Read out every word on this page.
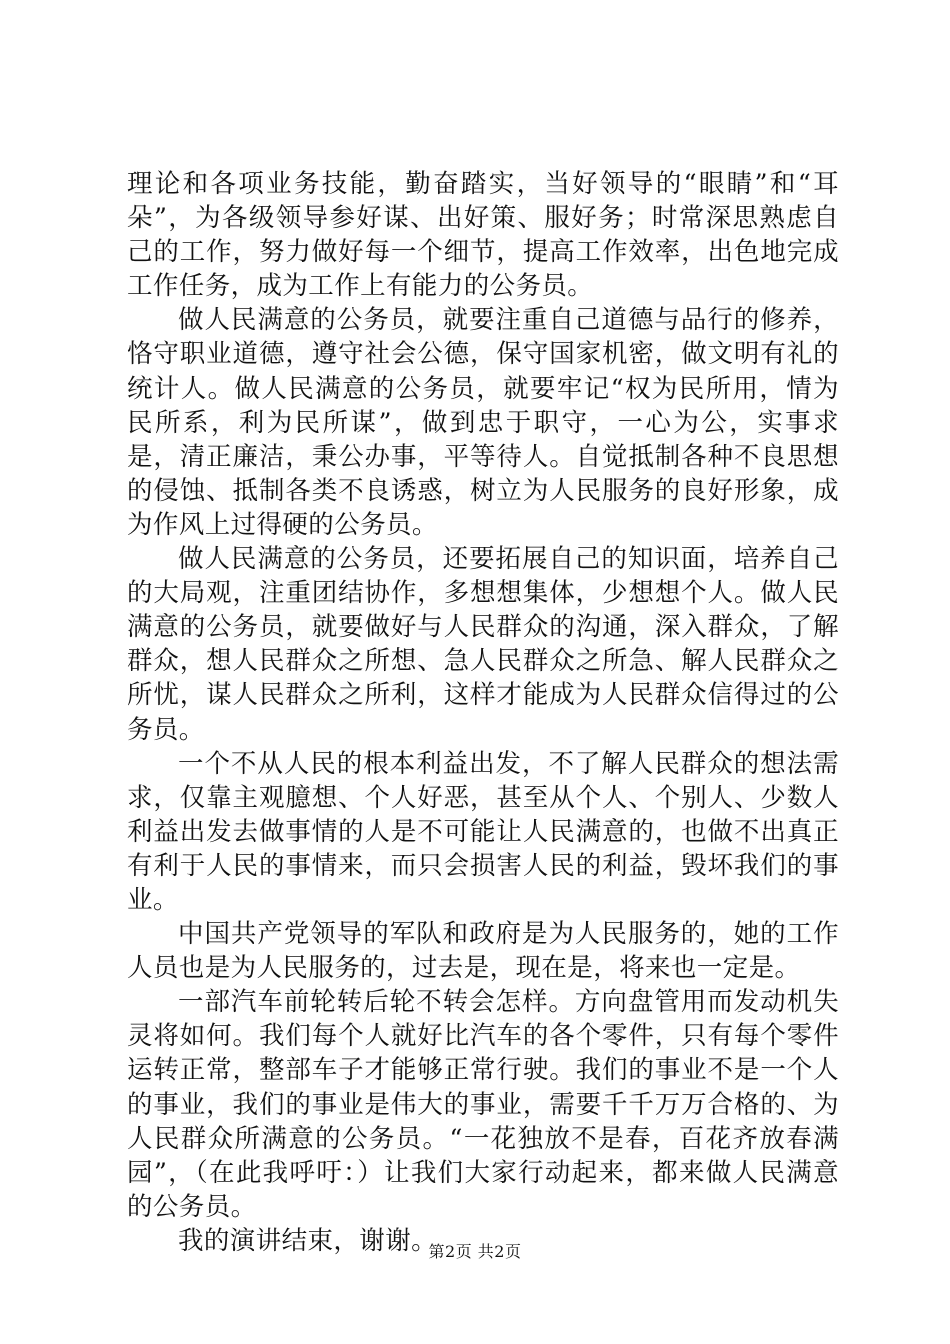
理论和各项业务技能，勤奋踏实，当好领导的“眼睛”和“耳朵”，为各级领导参好谋、出好策、服好务；时常深思熟虑自己的工作，努力做好每一个细节，提高工作效率，出色地完成工作任务，成为工作上有能力的公务员。

做人民满意的公务员，就要注重自己道德与品行的修养，恪守职业道德，遵守社会公德，保守国家机密，做文明有礼的统计人。做人民满意的公务员，就要牢记“权为民所用，情为民所系，利为民所谋”，做到忠于职守，一心为公，实事求是，清正廉洁，秉公办事，平等待人。自觉抵制各种不良思想的侵蚀、抵制各类不良诱惑，树立为人民服务的良好形象，成为作风上过得硬的公务员。

做人民满意的公务员，还要拓展自己的知识面，培养自己的大局观，注重团结协作，多想想集体，少想想个人。做人民满意的公务员，就要做好与人民群众的沟通，深入群众，了解群众，想人民群众之所想、急人民群众之所急、解人民群众之所忧，谋人民群众之所利，这样才能成为人民群众信得过的公务员。

一个不从人民的根本利益出发，不了解人民群众的想法需求，仅靠主观臆想、个人好恶，甚至从个人、个别人、少数人利益出发去做事情的人是不可能让人民满意的，也做不出真正有利于人民的事情来，而只会损害人民的利益，毁坏我们的事业。

中国共产党领导的军队和政府是为人民服务的，她的工作人员也是为人民服务的，过去是，现在是，将来也一定是。

一部汽车前轮转后轮不转会怎样。方向盘管用而发动机失灵将如何。我们每个人就好比汽车的各个零件，只有每个零件运转正常，整部车子才能够正常行驶。我们的事业不是一个人的事业，我们的事业是伟大的事业，需要千千万万合格的、为人民群众所满意的公务员。“一花独放不是春，百花齐放春满园”，（在此我呼吁：）让我们大家行动起来，都来做人民满意的公务员。

我的演讲结束，谢谢。

第2页 共2页
